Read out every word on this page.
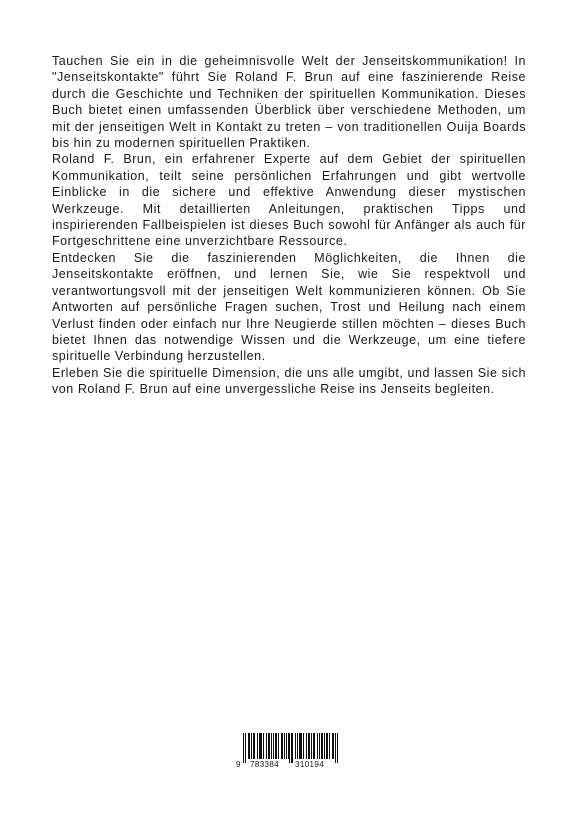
Tauchen Sie ein in die geheimnisvolle Welt der Jenseitskommunikation! In "Jenseitskontakte" führt Sie Roland F. Brun auf eine faszinierende Reise durch die Geschichte und Techniken der spirituellen Kommunikation. Dieses Buch bietet einen umfassenden Überblick über verschiedene Methoden, um mit der jenseitigen Welt in Kontakt zu treten – von traditionellen Ouija Boards bis hin zu modernen spirituellen Praktiken.

Roland F. Brun, ein erfahrener Experte auf dem Gebiet der spirituellen Kommunikation, teilt seine persönlichen Erfahrungen und gibt wertvolle Einblicke in die sichere und effektive Anwendung dieser mystischen Werkzeuge. Mit detaillierten Anleitungen, praktischen Tipps und inspirierenden Fallbeispielen ist dieses Buch sowohl für Anfänger als auch für Fortgeschrittene eine unverzichtbare Ressource.

Entdecken Sie die faszinierenden Möglichkeiten, die Ihnen die Jenseitskontakte eröffnen, und lernen Sie, wie Sie respektvoll und verantwortungsvoll mit der jenseitigen Welt kommunizieren können. Ob Sie Antworten auf persönliche Fragen suchen, Trost und Heilung nach einem Verlust finden oder einfach nur Ihre Neugierde stillen möchten – dieses Buch bietet Ihnen das notwendige Wissen und die Werkzeuge, um eine tiefere spirituelle Verbindung herzustellen.

Erleben Sie die spirituelle Dimension, die uns alle umgibt, und lassen Sie sich von Roland F. Brun auf eine unvergessliche Reise ins Jenseits begleiten.

9 783384 310194
